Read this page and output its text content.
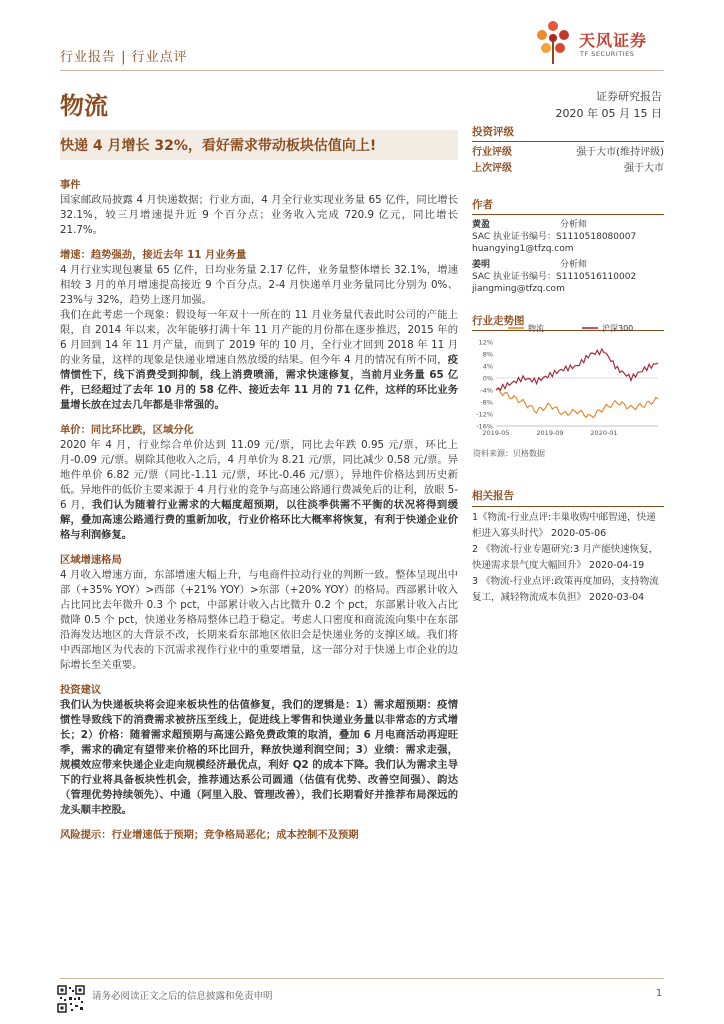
行业报告 | 行业点评
天风证券
TF SECURITIES
物流	证券研究报告
2020 年 05 月 15 日
快递 4 月增长 32%，看好需求带动板块估值向上!
事件

国家邮政局披露 4 月快递数据；行业方面，4 月全行业实现业务量 65 亿件，同比增长 32.1%，较三月增速提升近 9 个百分点；业务收入完成 720.9 亿元，同比增长 21.7%。

增速：趋势强劲，接近去年 11 月业务量

4 月行业实现包裹量 65 亿件，日均业务量 2.17 亿件，业务量整体增长 32.1%，增速相较 3 月的单月增速提高接近 9 个百分点。2-4 月快递单月业务量同比分别为 0%、23%与 32%，趋势上逐月加强。

我们在此考虑一个现象：假设每一年双十一所在的 11 月业务量代表此时公司的产能上限，自 2014 年以来，次年能够打满十年 11 月产能的月份都在逐步推迟，2015 年的 6 月回到 14 年 11 月产量，而到了 2019 年的 10 月，全行业才回到 2018 年 11 月的业务量，这样的现象是快递业增速自然放缓的结果。但今年 4 月的情况有所不同，疫情惯性下，线下消费受到抑制，线上消费喷涌，需求快速修复，当前月业务量 65 亿件，已经超过了去年 10 月的 58 亿件、接近去年 11 月的 71 亿件，这样的环比业务量增长放在过去几年都是非常强的。

单价：同比环比跌，区域分化

2020 年 4 月，行业综合单价达到 11.09 元/票，同比去年跌 0.95 元/票，环比上月-0.09 元/票。剔除其他收入之后，4 月单价为 8.21 元/票，同比减少 0.58 元/票。异地件单价 6.82 元/票（同比-1.11 元/票，环比-0.46 元/票），异地件价格达到历史新低。异地件的低价主要来源于 4 月行业的竞争与高速公路通行费减免后的让利，放眼 5-6 月，我们认为随着行业需求的大幅度超预期，以往淡季供需不平衡的状况将得到缓解，叠加高速公路通行费的重新加收，行业价格环比大概率将恢复，有利于快递企业价格与利润修复。

区域增速格局

4 月收入增速方面，东部增速大幅上升，与电商件拉动行业的判断一致。整体呈现出中部（+35% YOY）>西部（+21% YOY）>东部（+20% YOY）的格局。西部累计收入占比同比去年微升 0.3 个 pct，中部累计收入占比微升 0.2 个 pct，东部累计收入占比微降 0.5 个 pct，快递业务格局整体已趋于稳定。考虑人口密度和商流流向集中在东部沿海发达地区的大背景不改，长期来看东部地区依旧会是快递业务的支撑区域。我们将中西部地区为代表的下沉需求视作行业中的重要增量，这一部分对于快递上市企业的边际增长至关重要。

投资建议

我们认为快递板块将会迎来板块性的估值修复，我们的逻辑是：1）需求超预期：疫情惯性导致线下的消费需求被挤压至线上，促进线上零售和快递业务量以非常态的方式增长；2）价格：随着需求超预期与高速公路免费政策的取消，叠加 6 月电商活动再迎旺季，需求的确定有望带来价格的环比回升，释放快递利润空间；3）业绩：需求走强，规模效应带来快递企业走向规模经济最优点，利好 Q2 的成本下降。我们认为需求主导下的行业将具备板块性机会，推荐通达系公司圆通（估值有优势、改善空间强）、韵达（管理优势持续领先）、中通（阿里入股、管理改善），我们长期看好并推荐布局深远的龙头顺丰控股。

风险提示：行业增速低于预期；竞争格局恶化；成本控制不及预期

投资评级
行业评级	强于大市(维持评级)
上次评级	强于大市
作者
黄盈	分析师
SAC 执业证书编号：S1110518080007
huangying1@tfzq.com
姜明	分析师
SAC 执业证书编号：S1110516110002
jiangming@tfzq.com
行业走势图
物流	沪深300
12%
8%
4%
0%
-4%
-8%
-12%
-16%
2019-05	2019-09	2020-01
资料来源：贝格数据
相关报告
1《物流-行业点评:丰巢收购中邮智递，快递柜进入寡头时代》 2020-05-06
2 《物流-行业专题研究:3 月产能快速恢复，快递需求景气度大幅回升》 2020-04-19
3 《物流-行业点评:政策再度加码，支持物流复工，减轻物流成本负担》 2020-03-04
请务必阅读正文之后的信息披露和免责申明	1
